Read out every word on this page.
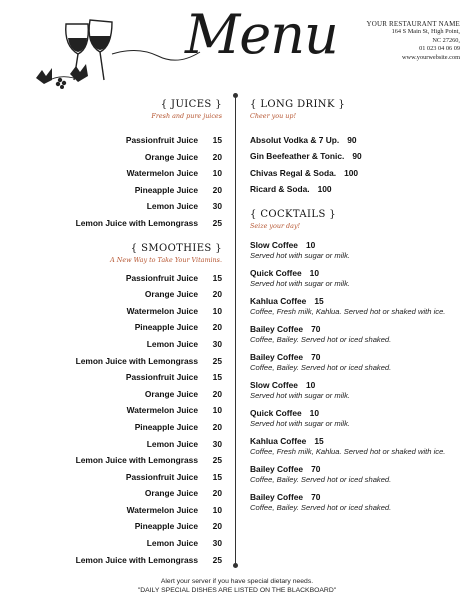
Menu	YOUR RESTAURANT NAME
164 S Main St, High Point,
NC 27260,
01 023 04 06 09
www.yourwebsite.com
{ JUICES }
Fresh and pure juices
Passionfruit Juice	15
Orange Juice	20
Watermelon Juice	10
Pineapple Juice	20
Lemon Juice	30
Lemon Juice with Lemongrass	25
{ SMOOTHIES }
A New Way to Take Your Vitamins.
Passionfruit Juice	15
Orange Juice	20
Watermelon Juice	10
Pineapple Juice	20
Lemon Juice	30
Lemon Juice with Lemongrass	25
Passionfruit Juice	15
Orange Juice	20
Watermelon Juice	10
Pineapple Juice	20
Lemon Juice	30
Lemon Juice with Lemongrass	25
Passionfruit Juice	15
Orange Juice	20
Watermelon Juice	10
Pineapple Juice	20
Lemon Juice	30
Lemon Juice with Lemongrass	25
{ LONG DRINK }
Cheer you up!
Absolut Vodka & 7 Up. 90
Gin Beefeather & Tonic. 90
Chivas Regal & Soda. 100
Ricard & Soda. 100
{ COCKTAILS }
Seize your day!
Slow Coffee 10
Served hot with sugar or milk.
Quick Coffee 10
Served hot with sugar or milk.
Kahlua Coffee 15
Coffee, Fresh milk, Kahlua. Served hot or shaked with ice.
Bailey Coffee 70
Coffee, Bailey. Served hot or iced shaked.
Bailey Coffee 70
Coffee, Bailey. Served hot or iced shaked.
Slow Coffee 10
Served hot with sugar or milk.
Quick Coffee 10
Served hot with sugar or milk.
Kahlua Coffee 15
Coffee, Fresh milk, Kahlua. Served hot or shaked with ice.
Bailey Coffee 70
Coffee, Bailey. Served hot or iced shaked.
Bailey Coffee 70
Coffee, Bailey. Served hot or iced shaked.
Alert your server if you have special dietary needs.
"DAILY SPECIAL DISHES ARE LISTED ON THE BLACKBOARD"
